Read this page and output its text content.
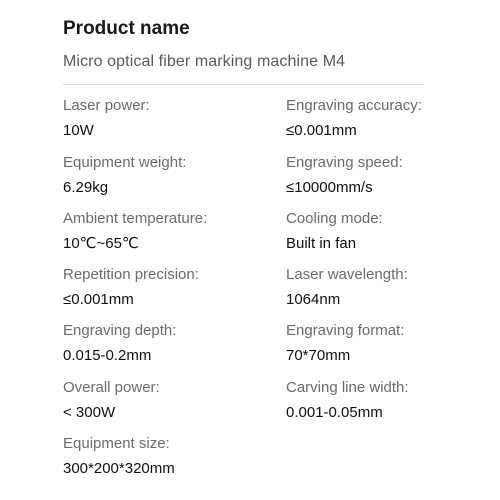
Product name
Micro optical fiber marking machine M4
Laser power:
10W
Equipment weight:
6.29kg
Ambient temperature:
10℃~65℃
Repetition precision:
≤0.001mm
Engraving depth:
0.015-0.2mm
Overall power:
< 300W
Equipment size:
300*200*320mm
Engraving accuracy:
≤0.001mm
Engraving speed:
≤10000mm/s
Cooling mode:
Built in fan
Laser wavelength:
1064nm
Engraving format:
70*70mm
Carving line width:
0.001-0.05mm
